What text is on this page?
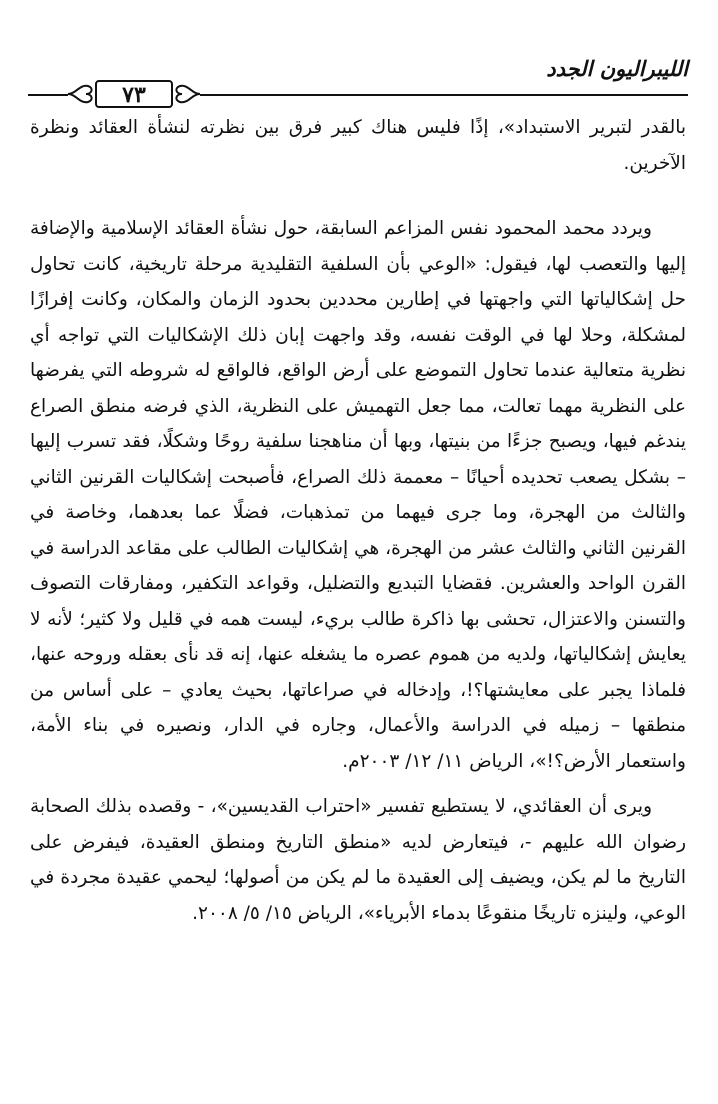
الليبراليون الجدد
٧٣

بالقدر لتبرير الاستبداد»، إذًا فليس هناك كبير فرق بين نظرته لنشأة العقائد ونظرة الآخرين.

ويردد محمد المحمود نفس المزاعم السابقة، حول نشأة العقائد الإسلامية والإضافة إليها والتعصب لها، فيقول: «الوعي بأن السلفية التقليدية مرحلة تاريخية، كانت تحاول حل إشكالياتها التي واجهتها في إطارين محددين بحدود الزمان والمكان، وكانت إفرازًا لمشكلة، وحلا لها في الوقت نفسه، وقد واجهت إبان ذلك الإشكاليات التي تواجه أي نظرية متعالية عندما تحاول التموضع على أرض الواقع، فالواقع له شروطه التي يفرضها على النظرية مهما تعالت، مما جعل التهميش على النظرية، الذي فرضه منطق الصراع يندغم فيها، ويصبح جزءًا من بنيتها، وبها أن مناهجنا سلفية روحًا وشكلًا، فقد تسرب إليها – بشكل يصعب تحديده أحيانًا – معممة ذلك الصراع، فأصبحت إشكاليات القرنين الثاني والثالث من الهجرة، وما جرى فيهما من تمذهبات، فضلًا عما بعدهما، وخاصة في القرنين الثاني والثالث عشر من الهجرة، هي إشكاليات الطالب على مقاعد الدراسة في القرن الواحد والعشرين. فقضايا التبديع والتضليل، وقواعد التكفير، ومفارقات التصوف والتسنن والاعتزال، تحشى بها ذاكرة طالب بريء، ليست همه في قليل ولا كثير؛ لأنه لا يعايش إشكالياتها، ولديه من هموم عصره ما يشغله عنها، إنه قد نأى بعقله وروحه عنها، فلماذا يجبر على معايشتها؟!، وإدخاله في صراعاتها، بحيث يعادي – على أساس من منطقها – زميله في الدراسة والأعمال، وجاره في الدار، ونصيره في بناء الأمة، واستعمار الأرض؟!»، الرياض ١١/ ١٢/ ٢٠٠٣م.

ويرى أن العقائدي، لا يستطيع تفسير «احتراب القديسين»، - وقصده بذلك الصحابة رضوان الله عليهم -، فيتعارض لديه «منطق التاريخ ومنطق العقيدة، فيفرض على التاريخ ما لم يكن، ويضيف إلى العقيدة ما لم يكن من أصولها؛ ليحمي عقيدة مجردة في الوعي، ولينزه تاريخًا منقوعًا بدماء الأبرياء»، الرياض ١٥/ ٥/ ٢٠٠٨.
